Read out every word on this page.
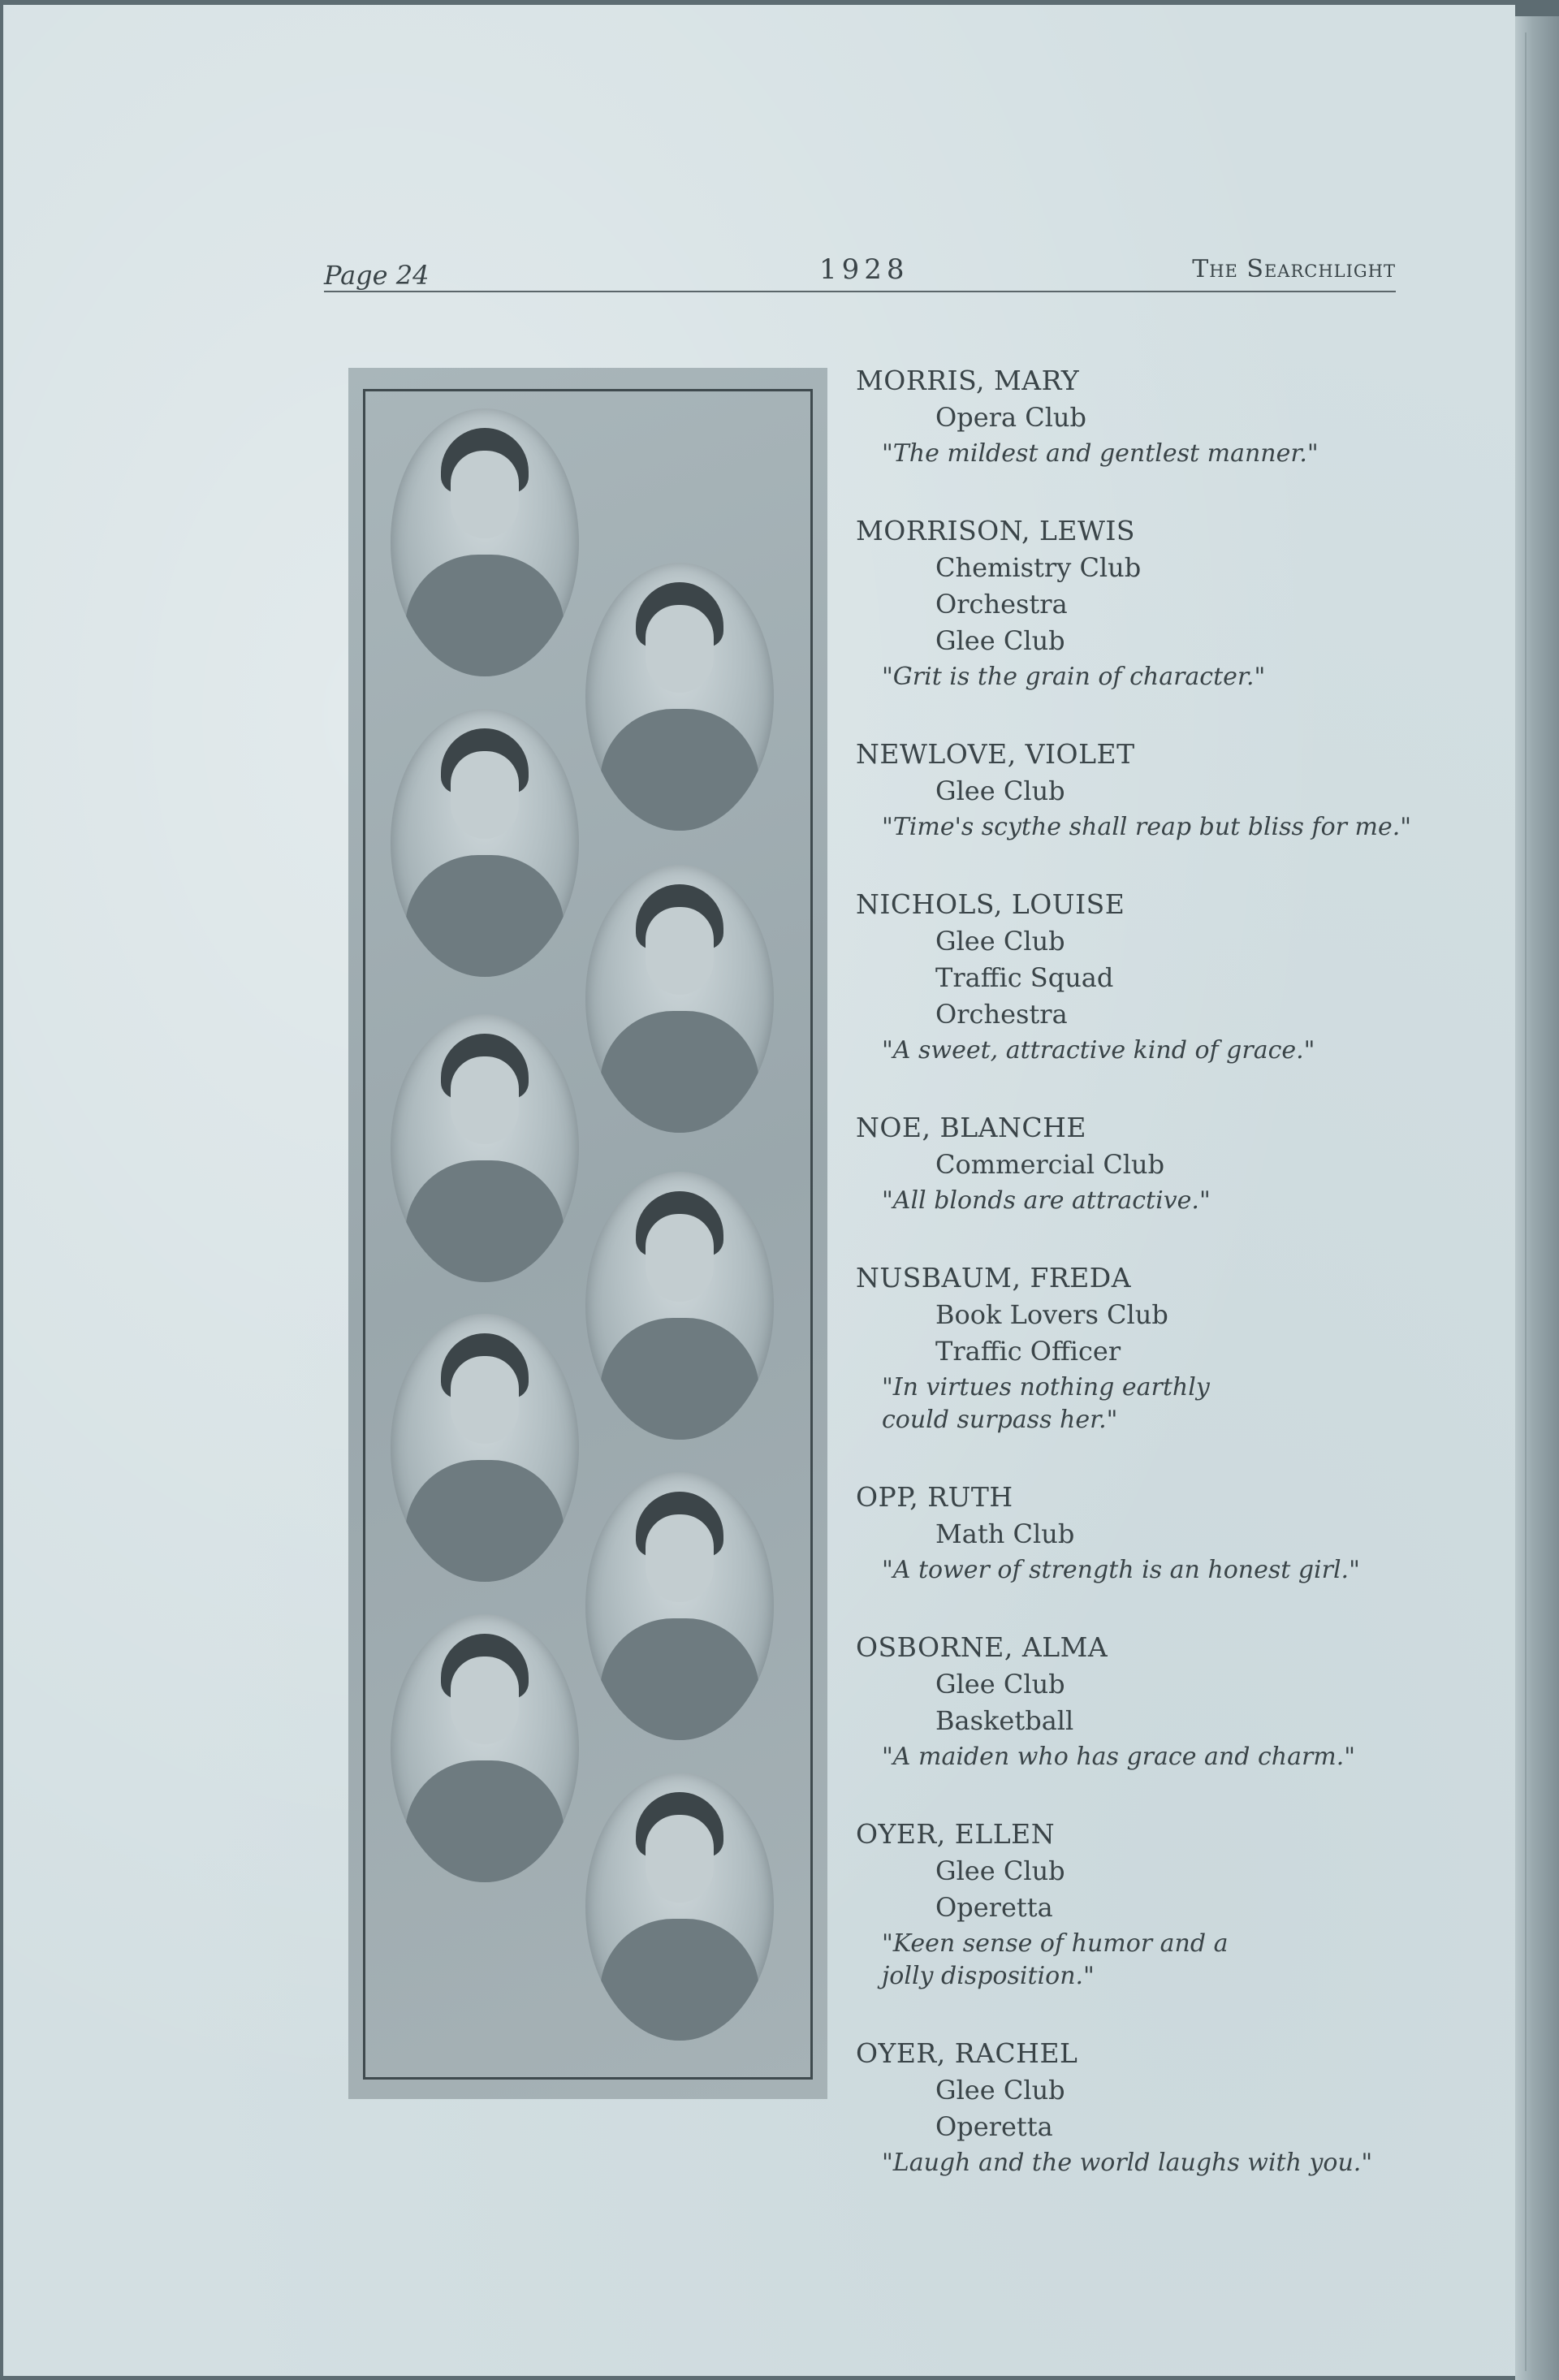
Page 24	1928	The Searchlight
MORRIS, MARY
Opera Club
"The mildest and gentlest manner."
MORRISON, LEWIS
Chemistry Club
Orchestra
Glee Club
"Grit is the grain of character."
NEWLOVE, VIOLET
Glee Club
"Time's scythe shall reap but bliss for me."
NICHOLS, LOUISE
Glee Club
Traffic Squad
Orchestra
"A sweet, attractive kind of grace."
NOE, BLANCHE
Commercial Club
"All blonds are attractive."
NUSBAUM, FREDA
Book Lovers Club
Traffic Officer
"In virtues nothing earthly could surpass her."
OPP, RUTH
Math Club
"A tower of strength is an honest girl."
OSBORNE, ALMA
Glee Club
Basketball
"A maiden who has grace and charm."
OYER, ELLEN
Glee Club
Operetta
"Keen sense of humor and a jolly disposition."
OYER, RACHEL
Glee Club
Operetta
"Laugh and the world laughs with you."
